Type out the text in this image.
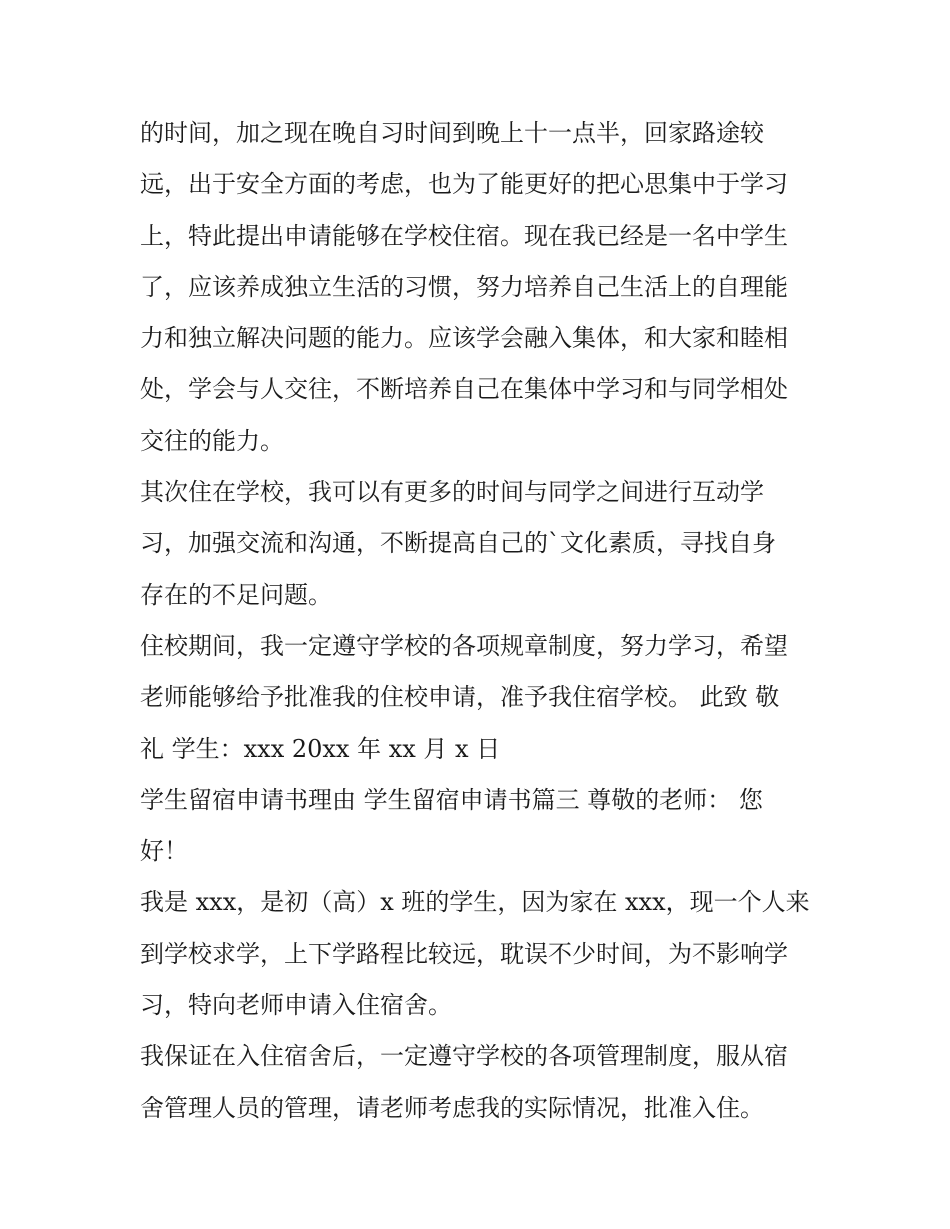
的时间，加之现在晚自习时间到晚上十一点半，回家路途较
远，出于安全方面的考虑，也为了能更好的把心思集中于学习
上，特此提出申请能够在学校住宿。现在我已经是一名中学生
了，应该养成独立生活的习惯，努力培养自己生活上的自理能
力和独立解决问题的能力。应该学会融入集体，和大家和睦相
处，学会与人交往，不断培养自己在集体中学习和与同学相处
交往的能力。
其次住在学校，我可以有更多的时间与同学之间进行互动学
习，加强交流和沟通，不断提高自己的`文化素质，寻找自身
存在的不足问题。
住校期间，我一定遵守学校的各项规章制度，努力学习，希望
老师能够给予批准我的住校申请，准予我住宿学校。 此致 敬
礼 学生：xxx 20xx 年 xx 月 x 日
学生留宿申请书理由 学生留宿申请书篇三 尊敬的老师： 您
好！
我是 xxx，是初（高）x 班的学生，因为家在 xxx，现一个人来
到学校求学，上下学路程比较远，耽误不少时间，为不影响学
习，特向老师申请入住宿舍。
我保证在入住宿舍后，一定遵守学校的各项管理制度，服从宿
舍管理人员的管理，请老师考虑我的实际情况，批准入住。
